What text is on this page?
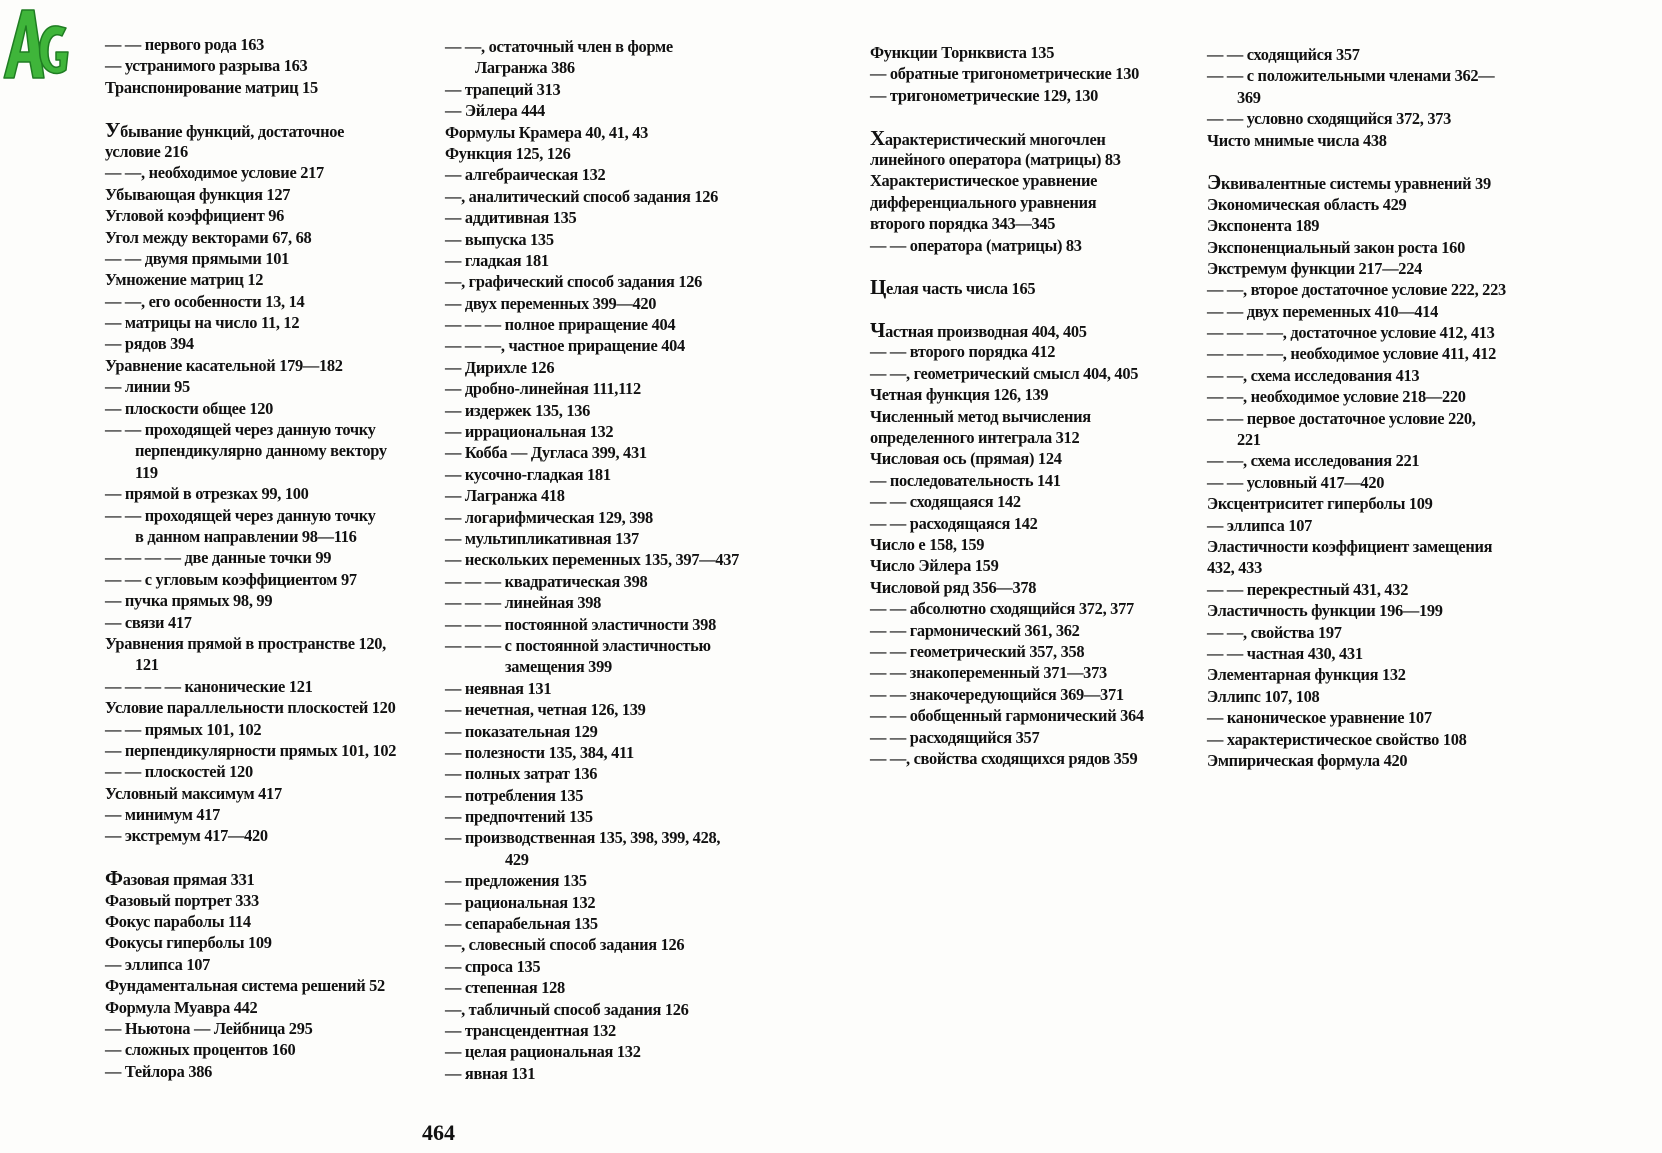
— — первого рода 163
— устранимого разрыва 163
Транспонирование матриц 15
Убывание функций, достаточное
условие 216
— —, необходимое условие 217
Убывающая функция 127
Угловой коэффициент 96
Угол между векторами 67, 68
— — двумя прямыми 101
Умножение матриц 12
— —, его особенности 13, 14
— матрицы на число 11, 12
— рядов 394
Уравнение касательной 179—182
— линии 95
— плоскости общее 120
— — проходящей через данную точку
перпендикулярно данному вектору
119
— прямой в отрезках 99, 100
— — проходящей через данную точку
в данном направлении 98—116
— — — — две данные точки 99
— — с угловым коэффициентом 97
— пучка прямых 98, 99
— связи 417
Уравнения прямой в пространстве 120,
121
— — — — канонические 121
Условие параллельности плоскостей 120
— — прямых 101, 102
— перпендикулярности прямых 101, 102
— — плоскостей 120
Условный максимум 417
— минимум 417
— экстремум 417—420
Фазовая прямая 331
Фазовый портрет 333
Фокус параболы 114
Фокусы гиперболы 109
— эллипса 107
Фундаментальная система решений 52
Формула Муавра 442
— Ньютона — Лейбница 295
— сложных процентов 160
— Тейлора 386
— —, остаточный член в форме
Лагранжа 386
— трапеций 313
— Эйлера 444
Формулы Крамера 40, 41, 43
Функция 125, 126
— алгебраическая 132
—, аналитический способ задания 126
— аддитивная 135
— выпуска 135
— гладкая 181
—, графический способ задания 126
— двух переменных 399—420
— — — полное приращение 404
— — —, частное приращение 404
— Дирихле 126
— дробно-линейная 111,112
— издержек 135, 136
— иррациональная 132
— Кобба — Дугласа 399, 431
— кусочно-гладкая 181
— Лагранжа 418
— логарифмическая 129, 398
— мультипликативная 137
— нескольких переменных 135, 397—437
— — — квадратическая 398
— — — линейная 398
— — — постоянной эластичности 398
— — — с постоянной эластичностью
замещения 399
— неявная 131
— нечетная, четная 126, 139
— показательная 129
— полезности 135, 384, 411
— полных затрат 136
— потребления 135
— предпочтений 135
— производственная 135, 398, 399, 428,
429
— предложения 135
— рациональная 132
— сепарабельная 135
—, словесный способ задания 126
— спроса 135
— степенная 128
—, табличный способ задания 126
— трансцендентная 132
— целая рациональная 132
— явная 131
Функции Торнквиста 135
— обратные тригонометрические 130
— тригонометрические 129, 130
Характеристический многочлен
линейного оператора (матрицы) 83
Характеристическое уравнение
дифференциального уравнения
второго порядка 343—345
— — оператора (матрицы) 83
Целая часть числа 165
Частная производная 404, 405
— — второго порядка 412
— —, геометрический смысл 404, 405
Четная функция 126, 139
Численный метод вычисления
определенного интеграла 312
Числовая ось (прямая) 124
— последовательность 141
— — сходящаяся 142
— — расходящаяся 142
Число e 158, 159
Число Эйлера 159
Числовой ряд 356—378
— — абсолютно сходящийся 372, 377
— — гармонический 361, 362
— — геометрический 357, 358
— — знакопеременный 371—373
— — знакочередующийся 369—371
— — обобщенный гармонический 364
— — расходящийся 357
— —, свойства сходящихся рядов 359
— — сходящийся 357
— — с положительными членами 362—
369
— — условно сходящийся 372, 373
Чисто мнимые числа 438
Эквивалентные системы уравнений 39
Экономическая область 429
Экспонента 189
Экспоненциальный закон роста 160
Экстремум функции 217—224
— —, второе достаточное условие 222, 223
— — двух переменных 410—414
— — — —, достаточное условие 412, 413
— — — —, необходимое условие 411, 412
— —, схема исследования 413
— —, необходимое условие 218—220
— — первое достаточное условие 220,
221
— —, схема исследования 221
— — условный 417—420
Эксцентриситет гиперболы 109
— эллипса 107
Эластичности коэффициент замещения
432, 433
— — перекрестный 431, 432
Эластичность функции 196—199
— —, свойства 197
— — частная 430, 431
Элементарная функция 132
Эллипс 107, 108
— каноническое уравнение 107
— характеристическое свойство 108
Эмпирическая формула 420
464
